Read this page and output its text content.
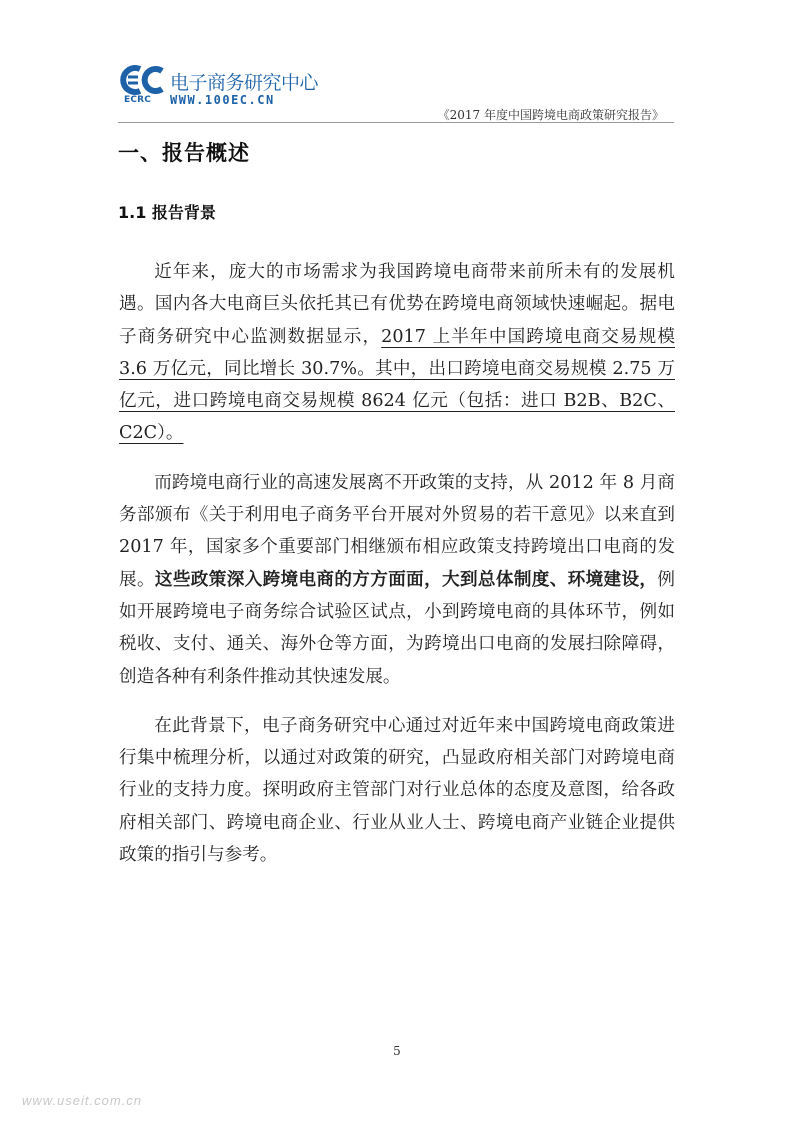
ECRC
电子商务研究中心
WWW.100EC.CN
《2017 年度中国跨境电商政策研究报告》
一、报告概述
1.1 报告背景

近年来，庞大的市场需求为我国跨境电商带来前所未有的发展机遇。国内各大电商巨头依托其已有优势在跨境电商领域快速崛起。据电子商务研究中心监测数据显示，2017 上半年中国跨境电商交易规模 3.6 万亿元，同比增长 30.7%。其中，出口跨境电商交易规模 2.75 万亿元，进口跨境电商交易规模 8624 亿元（包括：进口 B2B、B2C、C2C）。

而跨境电商行业的高速发展离不开政策的支持，从 2012 年 8 月商务部颁布《关于利用电子商务平台开展对外贸易的若干意见》以来直到 2017 年，国家多个重要部门相继颁布相应政策支持跨境出口电商的发展。这些政策深入跨境电商的方方面面，大到总体制度、环境建设，例如开展跨境电子商务综合试验区试点，小到跨境电商的具体环节，例如税收、支付、通关、海外仓等方面，为跨境出口电商的发展扫除障碍，创造各种有利条件推动其快速发展。

在此背景下，电子商务研究中心通过对近年来中国跨境电商政策进行集中梳理分析，以通过对政策的研究，凸显政府相关部门对跨境电商行业的支持力度。探明政府主管部门对行业总体的态度及意图，给各政府相关部门、跨境电商企业、行业从业人士、跨境电商产业链企业提供政策的指引与参考。

5
www.useit.com.cn
